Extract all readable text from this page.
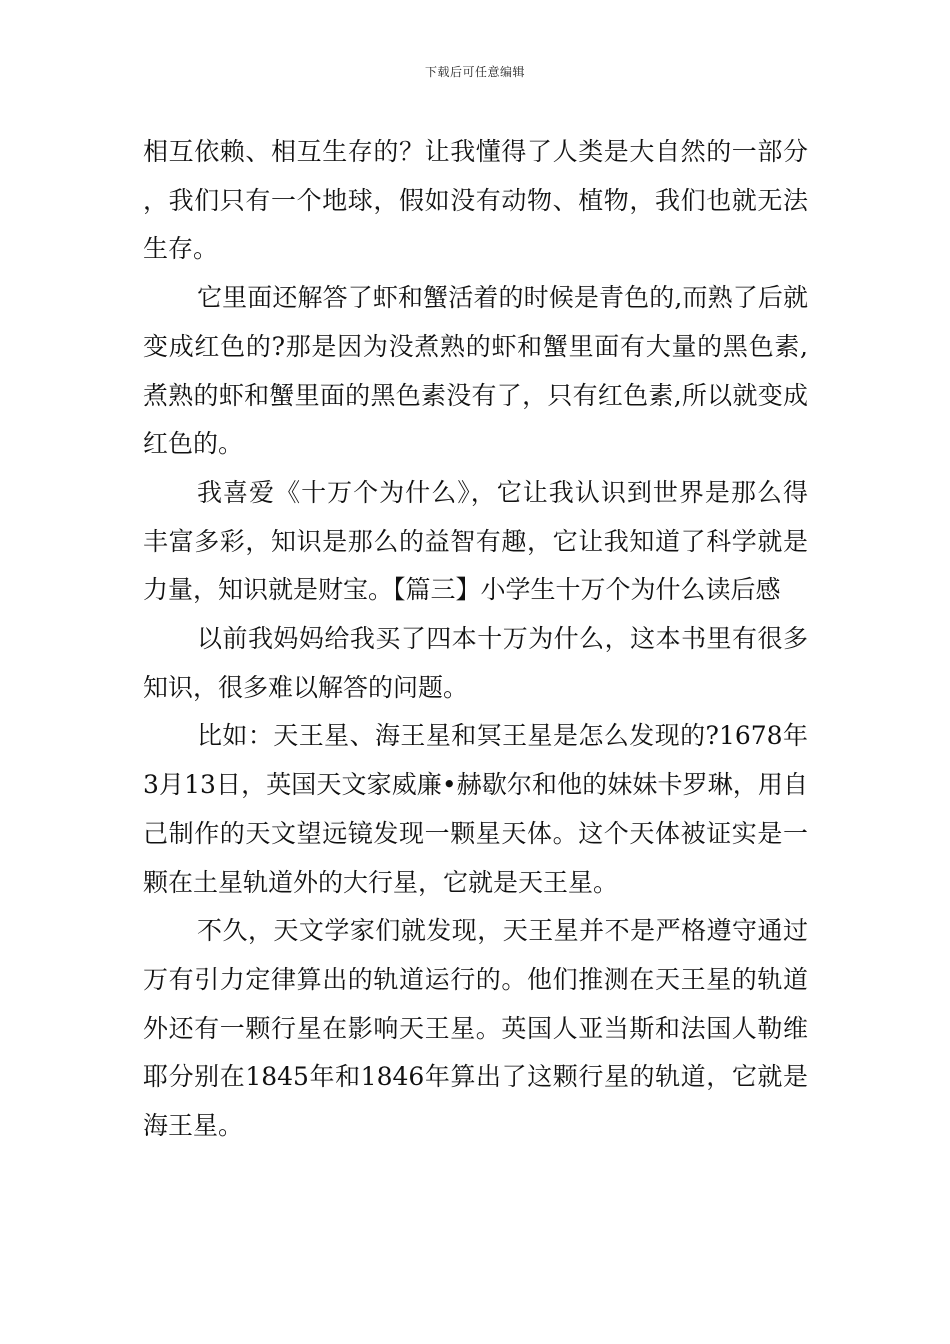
下载后可任意编辑

相互依赖、相互生存的？让我懂得了人类是大自然的一部分，我们只有一个地球，假如没有动物、植物，我们也就无法生存。

它里面还解答了虾和蟹活着的时候是青色的,而熟了后就变成红色的?那是因为没煮熟的虾和蟹里面有大量的黑色素,煮熟的虾和蟹里面的黑色素没有了，只有红色素,所以就变成红色的。

我喜爱《十万个为什么》，它让我认识到世界是那么得丰富多彩，知识是那么的益智有趣，它让我知道了科学就是力量，知识就是财宝。【篇三】小学生十万个为什么读后感

以前我妈妈给我买了四本十万为什么，这本书里有很多知识，很多难以解答的问题。

比如：天王星、海王星和冥王星是怎么发现的?1678年3月13日，英国天文家威廉•赫歇尔和他的妹妹卡罗琳，用自己制作的天文望远镜发现一颗星天体。这个天体被证实是一颗在土星轨道外的大行星，它就是天王星。

不久，天文学家们就发现，天王星并不是严格遵守通过万有引力定律算出的轨道运行的。他们推测在天王星的轨道外还有一颗行星在影响天王星。英国人亚当斯和法国人勒维耶分别在1845年和1846年算出了这颗行星的轨道，它就是海王星。
